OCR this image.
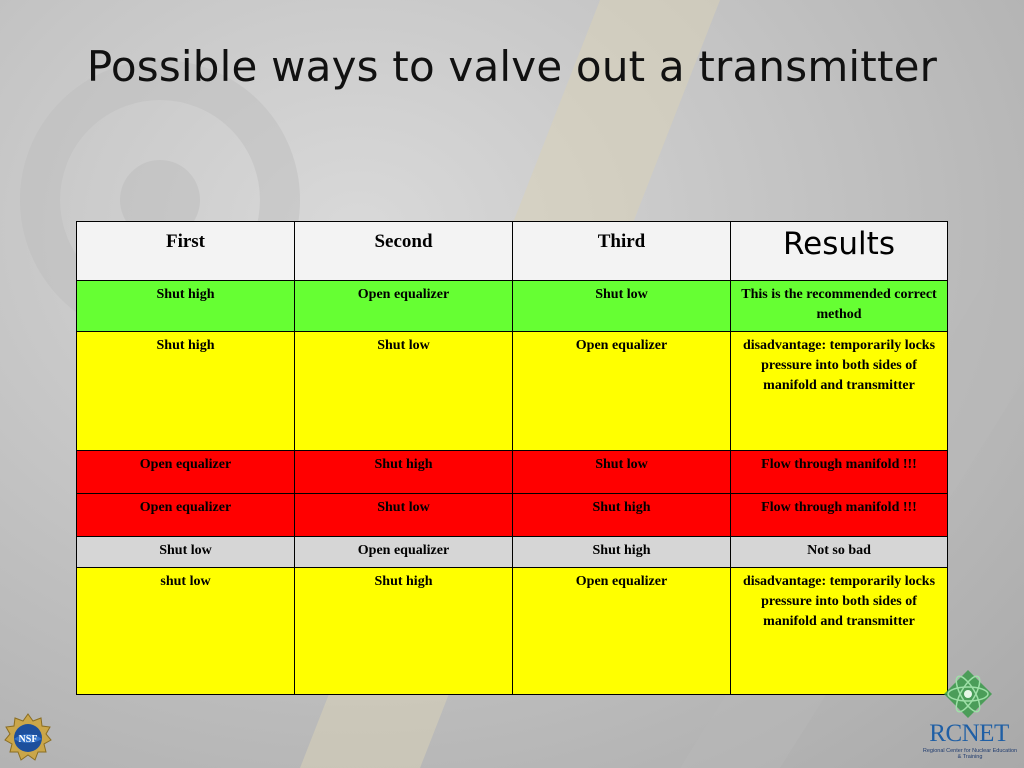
Possible ways to valve out a transmitter
First	Second	Third	Results
Shut high	Open equalizer	Shut low	This is the recommended correct method
Shut high	Shut low	Open equalizer	disadvantage: temporarily locks pressure into both sides of manifold and transmitter
Open equalizer	Shut high	Shut low	Flow through manifold !!!
Open equalizer	Shut low	Shut high	Flow through manifold !!!
Shut low	Open equalizer	Shut high	Not so bad
shut low	Shut high	Open equalizer	disadvantage: temporarily locks pressure into both sides of manifold and transmitter
NSF	RCNET
Regional Center for Nuclear Education & Training
